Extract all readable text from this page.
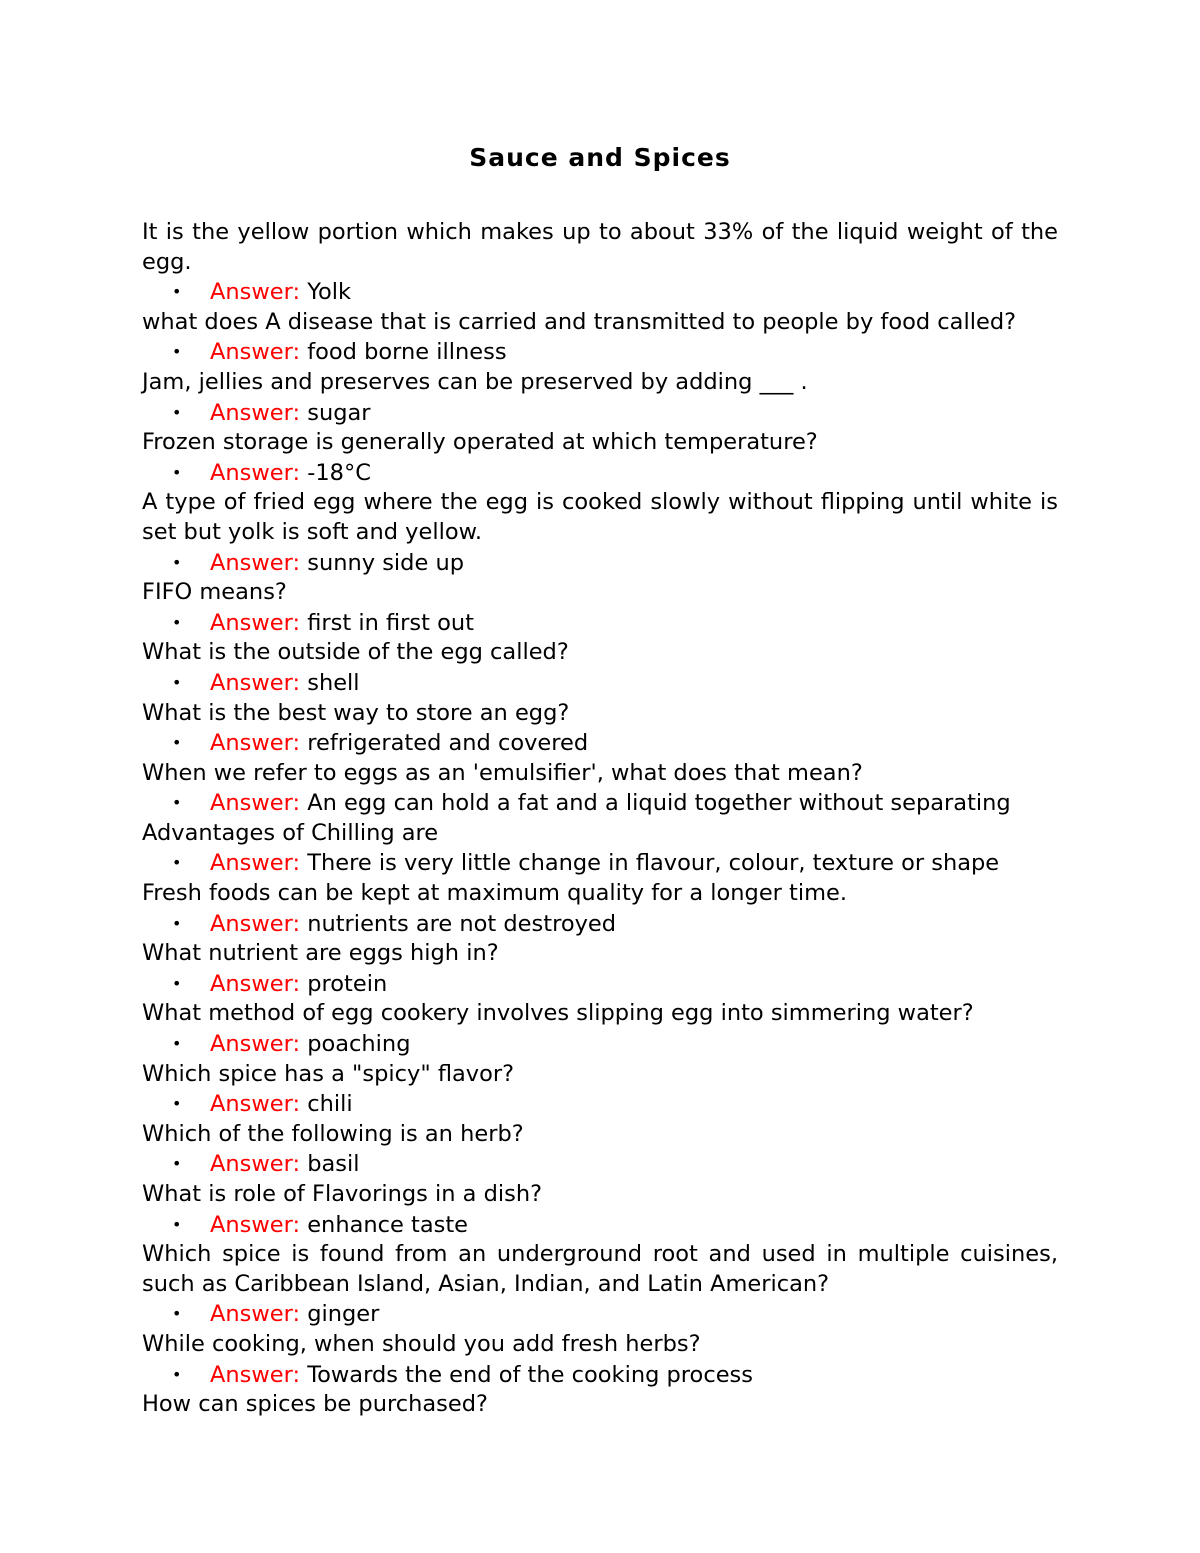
Sauce and Spices

It is the yellow portion which makes up to about 33% of the liquid weight of the egg.

• Answer: Yolk

what does A disease that is carried and transmitted to people by food called?

• Answer: food borne illness

Jam, jellies and preserves can be preserved by adding ___ .

• Answer: sugar

Frozen storage is generally operated at which temperature?

• Answer: -18°C

A type of fried egg where the egg is cooked slowly without flipping until white is set but yolk is soft and yellow.

• Answer: sunny side up

FIFO means?

• Answer: first in first out

What is the outside of the egg called?

• Answer: shell

What is the best way to store an egg?

• Answer: refrigerated and covered

When we refer to eggs as an 'emulsifier', what does that mean?

• Answer: An egg can hold a fat and a liquid together without separating

Advantages of Chilling are

• Answer: There is very little change in flavour, colour, texture or shape

Fresh foods can be kept at maximum quality for a longer time.

• Answer: nutrients are not destroyed

What nutrient are eggs high in?

• Answer: protein

What method of egg cookery involves slipping egg into simmering water?

• Answer: poaching

Which spice has a "spicy" flavor?

• Answer: chili

Which of the following is an herb?

• Answer: basil

What is role of Flavorings in a dish?

• Answer: enhance taste

Which spice is found from an underground root and used in multiple cuisines, such as Caribbean Island, Asian, Indian, and Latin American?

• Answer: ginger

While cooking, when should you add fresh herbs?

• Answer: Towards the end of the cooking process

How can spices be purchased?
